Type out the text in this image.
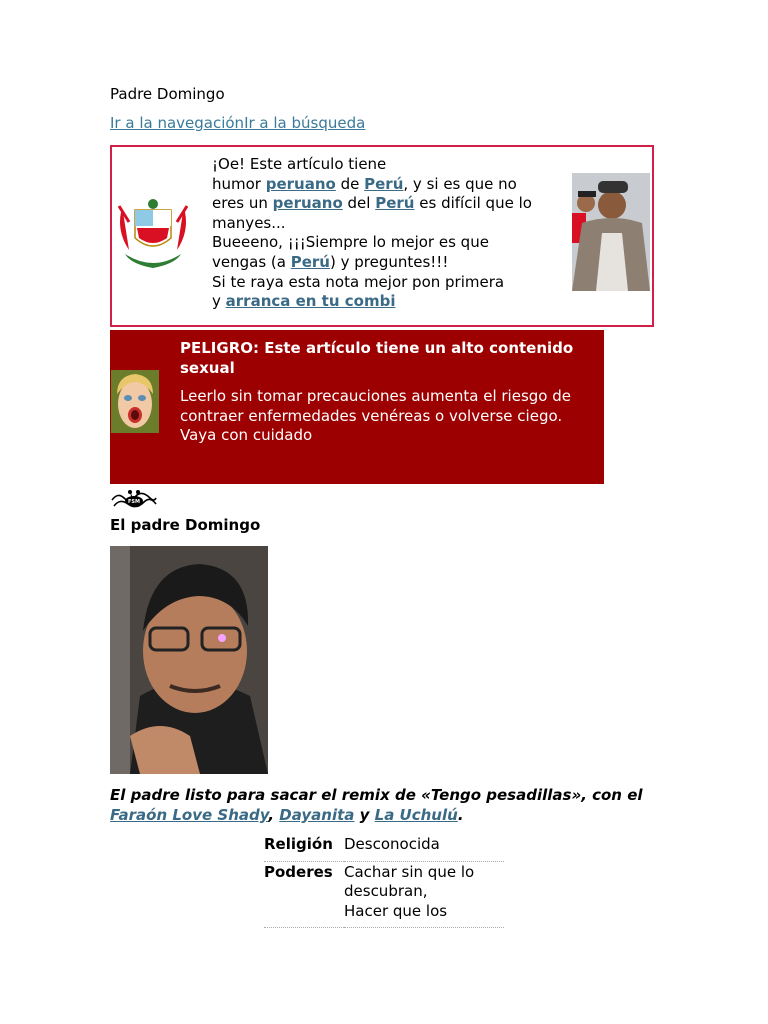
Padre Domingo
Ir a la navegaciónIr a la búsqueda
¡Oe! Este artículo tiene
humor peruano de Perú, y si es que no
eres un peruano del Perú es difícil que lo manyes...
Bueeeno, ¡¡¡Siempre lo mejor es que
vengas (a Perú) y preguntes!!!
Si te raya esta nota mejor pon primera
y arranca en tu combi
PELIGRO: Este artículo tiene un alto contenido sexual
Leerlo sin tomar precauciones aumenta el riesgo de contraer enfermedades venéreas o volverse ciego. Vaya con cuidado
FSM
El padre Domingo
El padre listo para sacar el remix de «Tengo pesadillas», con el Faraón Love Shady, Dayanita y La Uchulú.
Religión	Desconocida
Poderes	Cachar sin que lo descubran,
Hacer que los
